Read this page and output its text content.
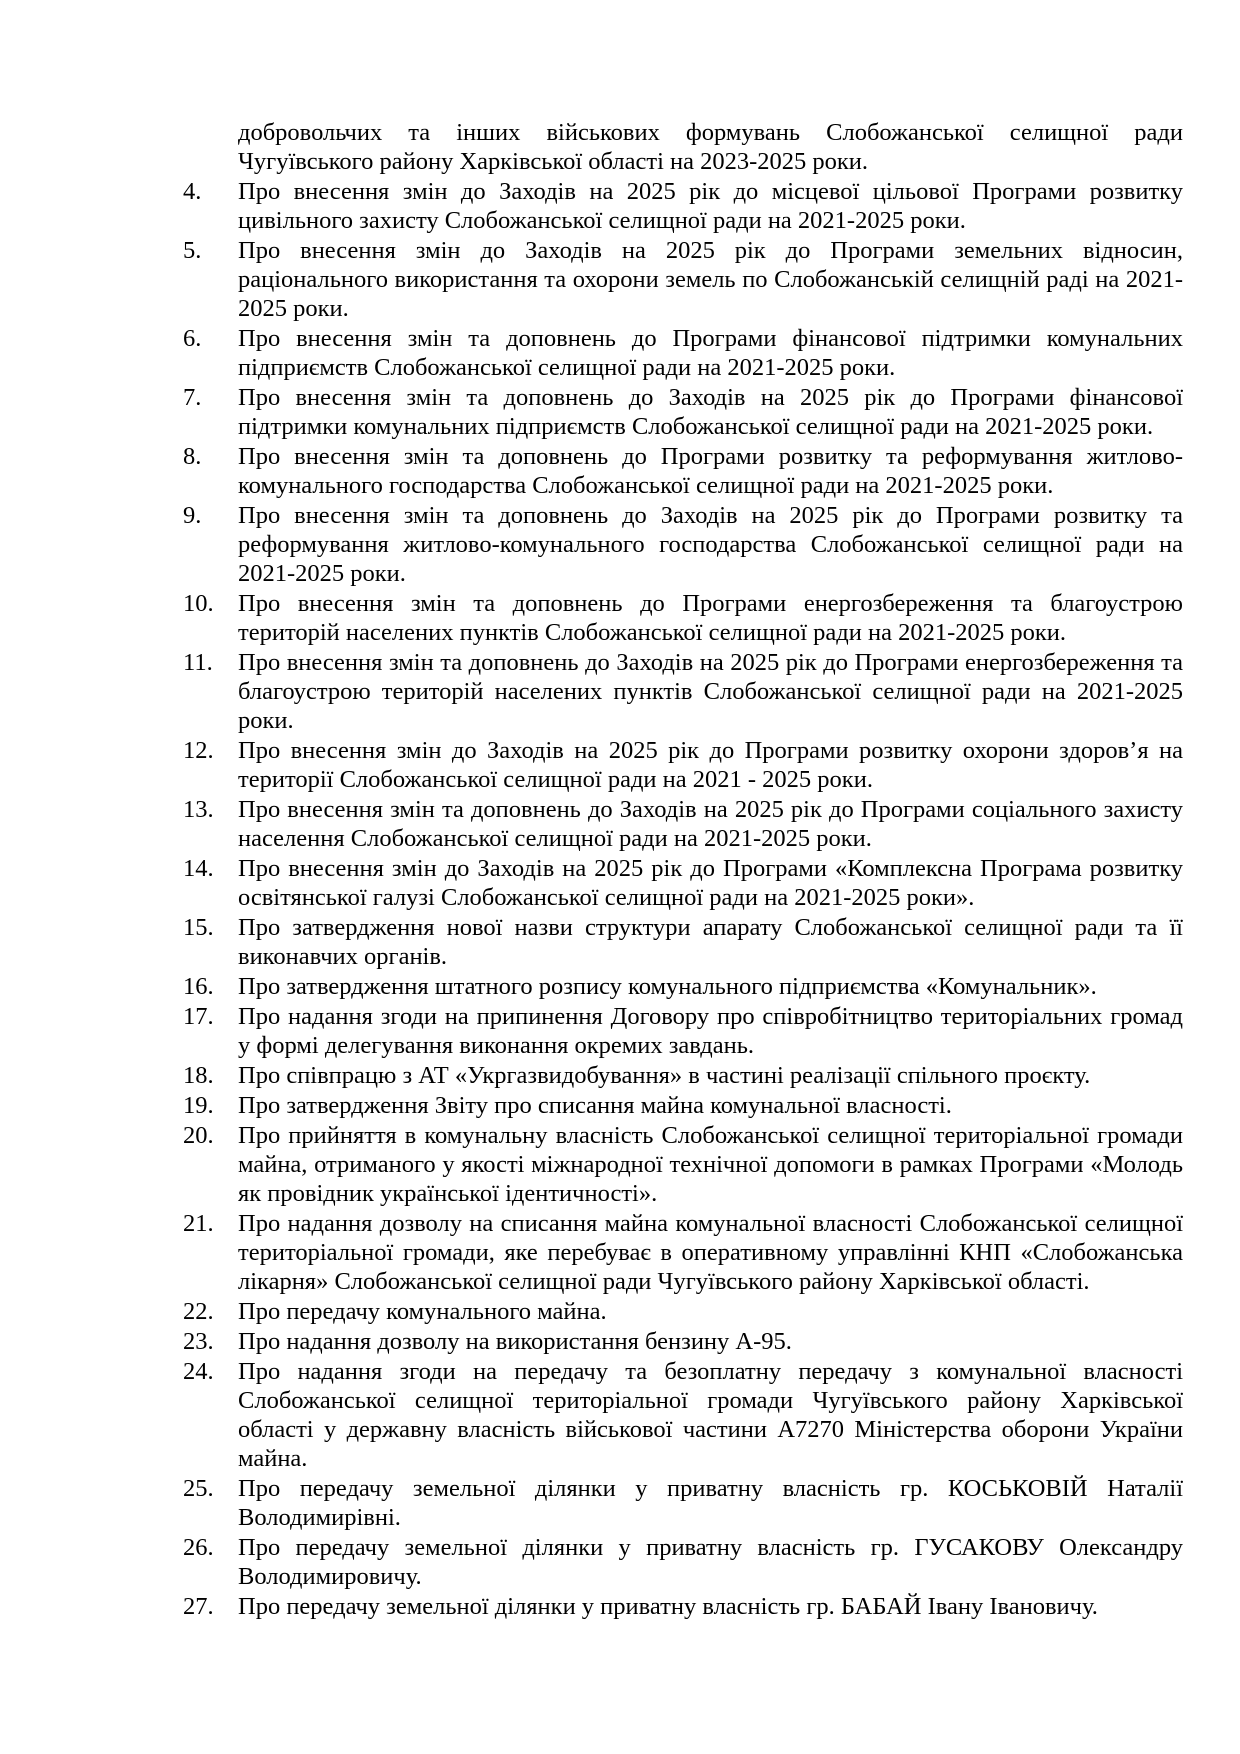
добровольчих та інших військових формувань Слобожанської селищної ради Чугуївського району Харківської області на 2023-2025 роки.
4.	Про внесення змін до Заходів на 2025 рік до місцевої цільової Програми розвитку цивільного захисту Слобожанської селищної ради на 2021-2025 роки.
5.	Про внесення змін до Заходів на 2025 рік до Програми земельних відносин, раціонального використання та охорони земель по Слобожанській селищній раді на 2021-2025 роки.
6.	Про внесення змін та доповнень до Програми фінансової підтримки комунальних підприємств Слобожанської селищної ради на 2021-2025 роки.
7.	Про внесення змін та доповнень до Заходів на 2025 рік до Програми фінансової підтримки комунальних підприємств Слобожанської селищної ради на 2021-2025 роки.
8.	Про внесення змін та доповнень до Програми розвитку та реформування житлово-комунального господарства Слобожанської селищної ради на 2021-2025 роки.
9.	Про внесення змін та доповнень до Заходів на 2025 рік до Програми розвитку та реформування житлово-комунального господарства Слобожанської селищної ради на 2021-2025 роки.
10. Про внесення змін та доповнень до Програми енергозбереження та благоустрою територій населених пунктів Слобожанської селищної ради на 2021-2025 роки.
11.	Про внесення змін та доповнень до Заходів на 2025 рік до Програми енергозбереження та благоустрою територій населених пунктів Слобожанської селищної ради на 2021-2025 роки.
12. Про внесення змін до Заходів на 2025 рік до Програми розвитку охорони здоров’я на території Слобожанської селищної ради на 2021 - 2025 роки.
13. Про внесення змін та доповнень до Заходів на 2025 рік до Програми соціального захисту населення Слобожанської селищної ради на 2021-2025 роки.
14. Про внесення змін до Заходів на 2025 рік до Програми «Комплексна Програма розвитку освітянської галузі Слобожанської селищної ради на 2021-2025 роки».
15. Про затвердження нової назви структури апарату Слобожанської селищної ради та її виконавчих органів.
16. Про затвердження штатного розпису комунального підприємства «Комунальник».
17. Про надання згоди на припинення Договору про співробітництво територіальних громад у формі делегування виконання окремих завдань.
18. Про співпрацю з АТ «Укргазвидобування» в частині реалізації спільного проєкту.
19. Про затвердження Звіту про списання майна комунальної власності.
20. Про прийняття в комунальну власність Слобожанської селищної територіальної громади майна, отриманого у якості міжнародної технічної допомоги в рамках Програми «Молодь як провідник української ідентичності».
21. Про надання дозволу на списання майна комунальної власності Слобожанської селищної територіальної громади, яке перебуває в оперативному управлінні КНП «Слобожанська лікарня» Слобожанської селищної ради Чугуївського району Харківської області.
22. Про передачу комунального майна.
23. Про надання дозволу на використання бензину А-95.
24. Про надання згоди на передачу та безоплатну передачу з комунальної власності Слобожанської селищної територіальної громади Чугуївського району Харківської області у державну власність військової частини А7270 Міністерства оборони України майна.
25. Про передачу земельної ділянки у приватну власність гр. КОСЬКОВІЙ Наталії Володимирівні.
26. Про передачу земельної ділянки у приватну власність гр. ГУСАКОВУ Олександру Володимировичу.
27. Про передачу земельної ділянки у приватну власність гр. БАБАЙ Івану Івановичу.
